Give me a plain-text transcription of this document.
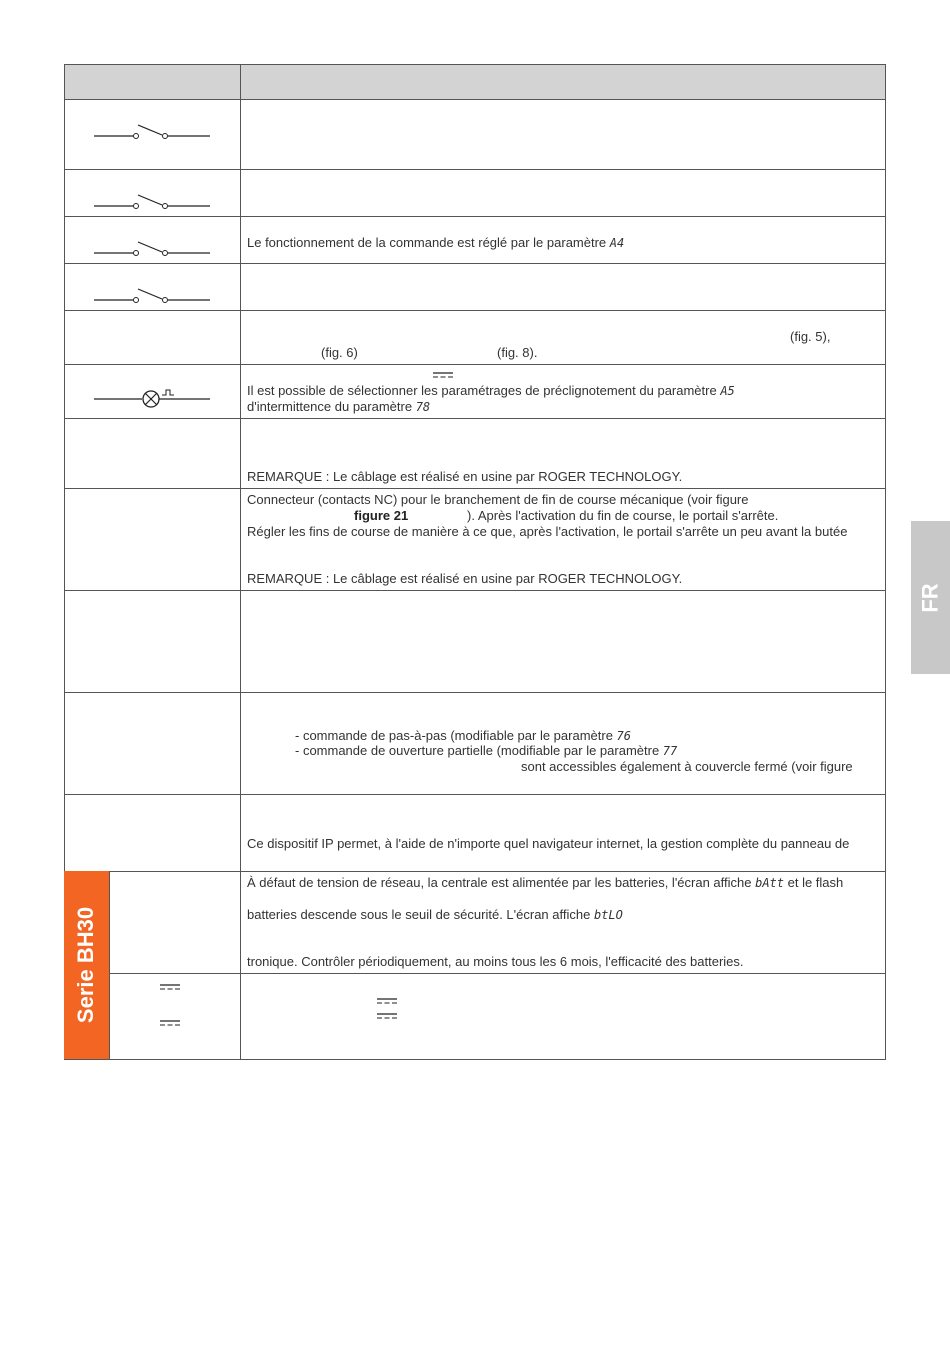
Le fonctionnement de la commande est réglé par le paramètre A4
(fig. 5),
(fig. 6)	(fig. 8).
Il est possible de sélectionner les paramétrages de préclignotement du paramètre A5
d'intermittence du paramètre 78
REMARQUE : Le câblage est réalisé en usine par ROGER TECHNOLOGY.
Connecteur (contacts NC) pour le branchement de fin de course mécanique (voir figure
figure 21	). Après l'activation du fin de course, le portail s'arrête.
Régler les fins de course de manière à ce que, après l'activation, le portail s'arrête un peu avant la butée
REMARQUE : Le câblage est réalisé en usine par ROGER TECHNOLOGY.
- commande de pas-à-pas (modifiable par le paramètre 76
- commande de ouverture partielle (modifiable par le paramètre 77
sont accessibles également à couvercle fermé (voir figure
Ce dispositif IP permet, à l'aide de n'importe quel navigateur internet, la gestion complète du panneau de
À défaut de tension de réseau, la centrale est alimentée par les batteries, l'écran affiche bAtt et le flash
batteries descende sous le seuil de sécurité. L'écran affiche btLO
tronique. Contrôler périodiquement, au moins tous les 6 mois, l'efficacité des batteries.
Serie BH30
FR
